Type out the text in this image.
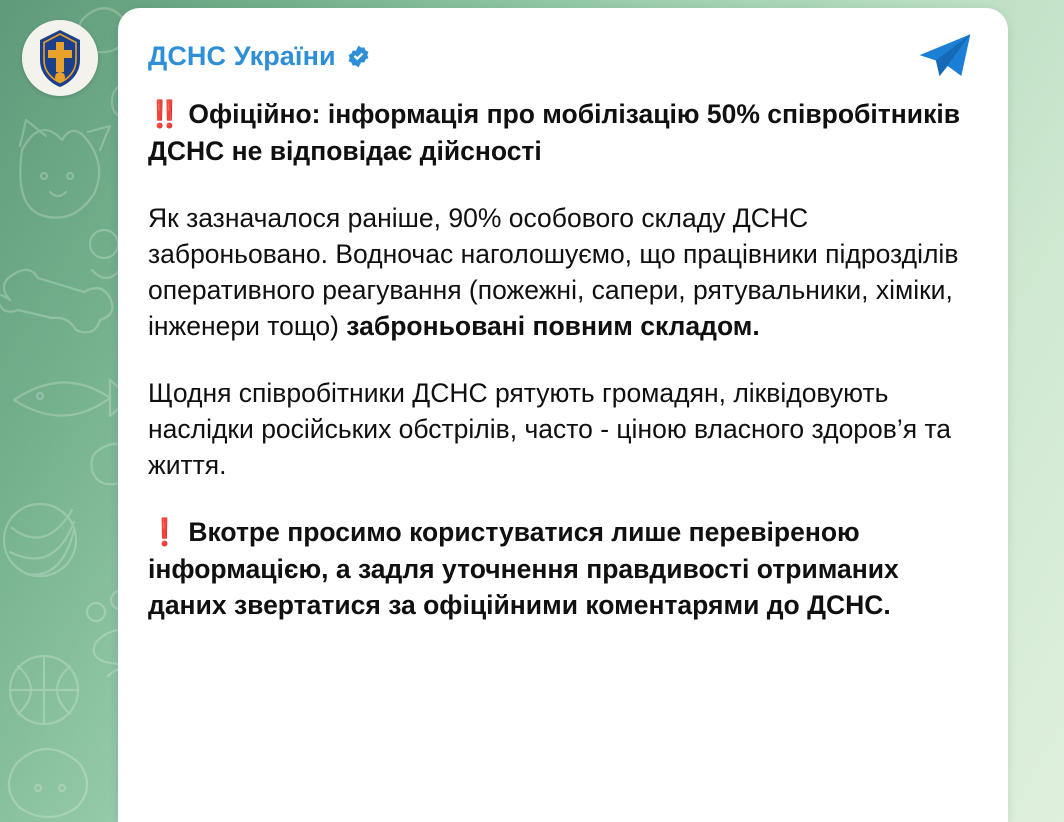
ДСНС України

‼️ Офіційно: інформація про мобілізацію 50% співробітників ДСНС не відповідає дійсності

Як зазначалося раніше, 90% особового складу ДСНС заброньовано. Водночас наголошуємо, що працівники підрозділів оперативного реагування (пожежні, сапери, рятувальники, хіміки, інженери тощо) заброньовані повним складом.

Щодня співробітники ДСНС рятують громадян, ліквідовують наслідки російських обстрілів, часто - ціною власного здоров’я та життя.

❗ Вкотре просимо користуватися лише перевіреною інформацією, а задля уточнення правдивості отриманих даних звертатися за офіційними коментарями до ДСНС.
